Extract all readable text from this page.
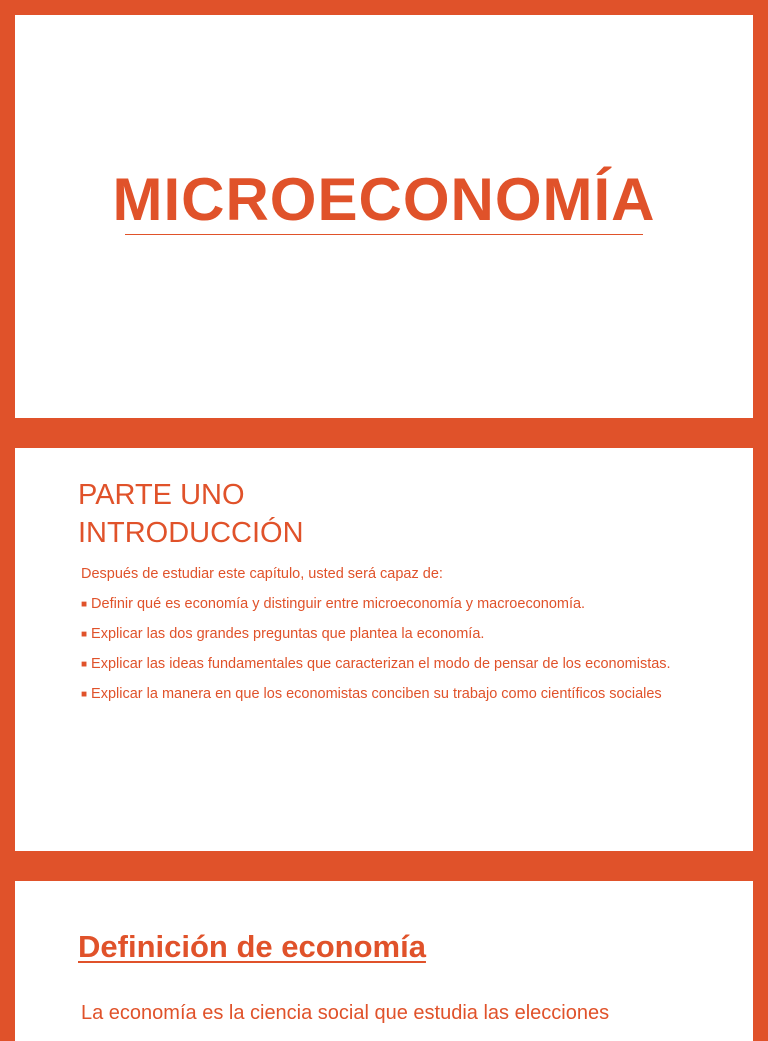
MICROECONOMÍA
PARTE UNO
INTRODUCCIÓN

Después de estudiar este capítulo, usted será capaz de:

■ Definir qué es economía y distinguir entre microeconomía y macroeconomía.

■ Explicar las dos grandes preguntas que plantea la economía.

■ Explicar las ideas fundamentales que caracterizan el modo de pensar de los economistas.

■ Explicar la manera en que los economistas conciben su trabajo como científicos sociales

Definición de economía

La economía es la ciencia social que estudia las elecciones
